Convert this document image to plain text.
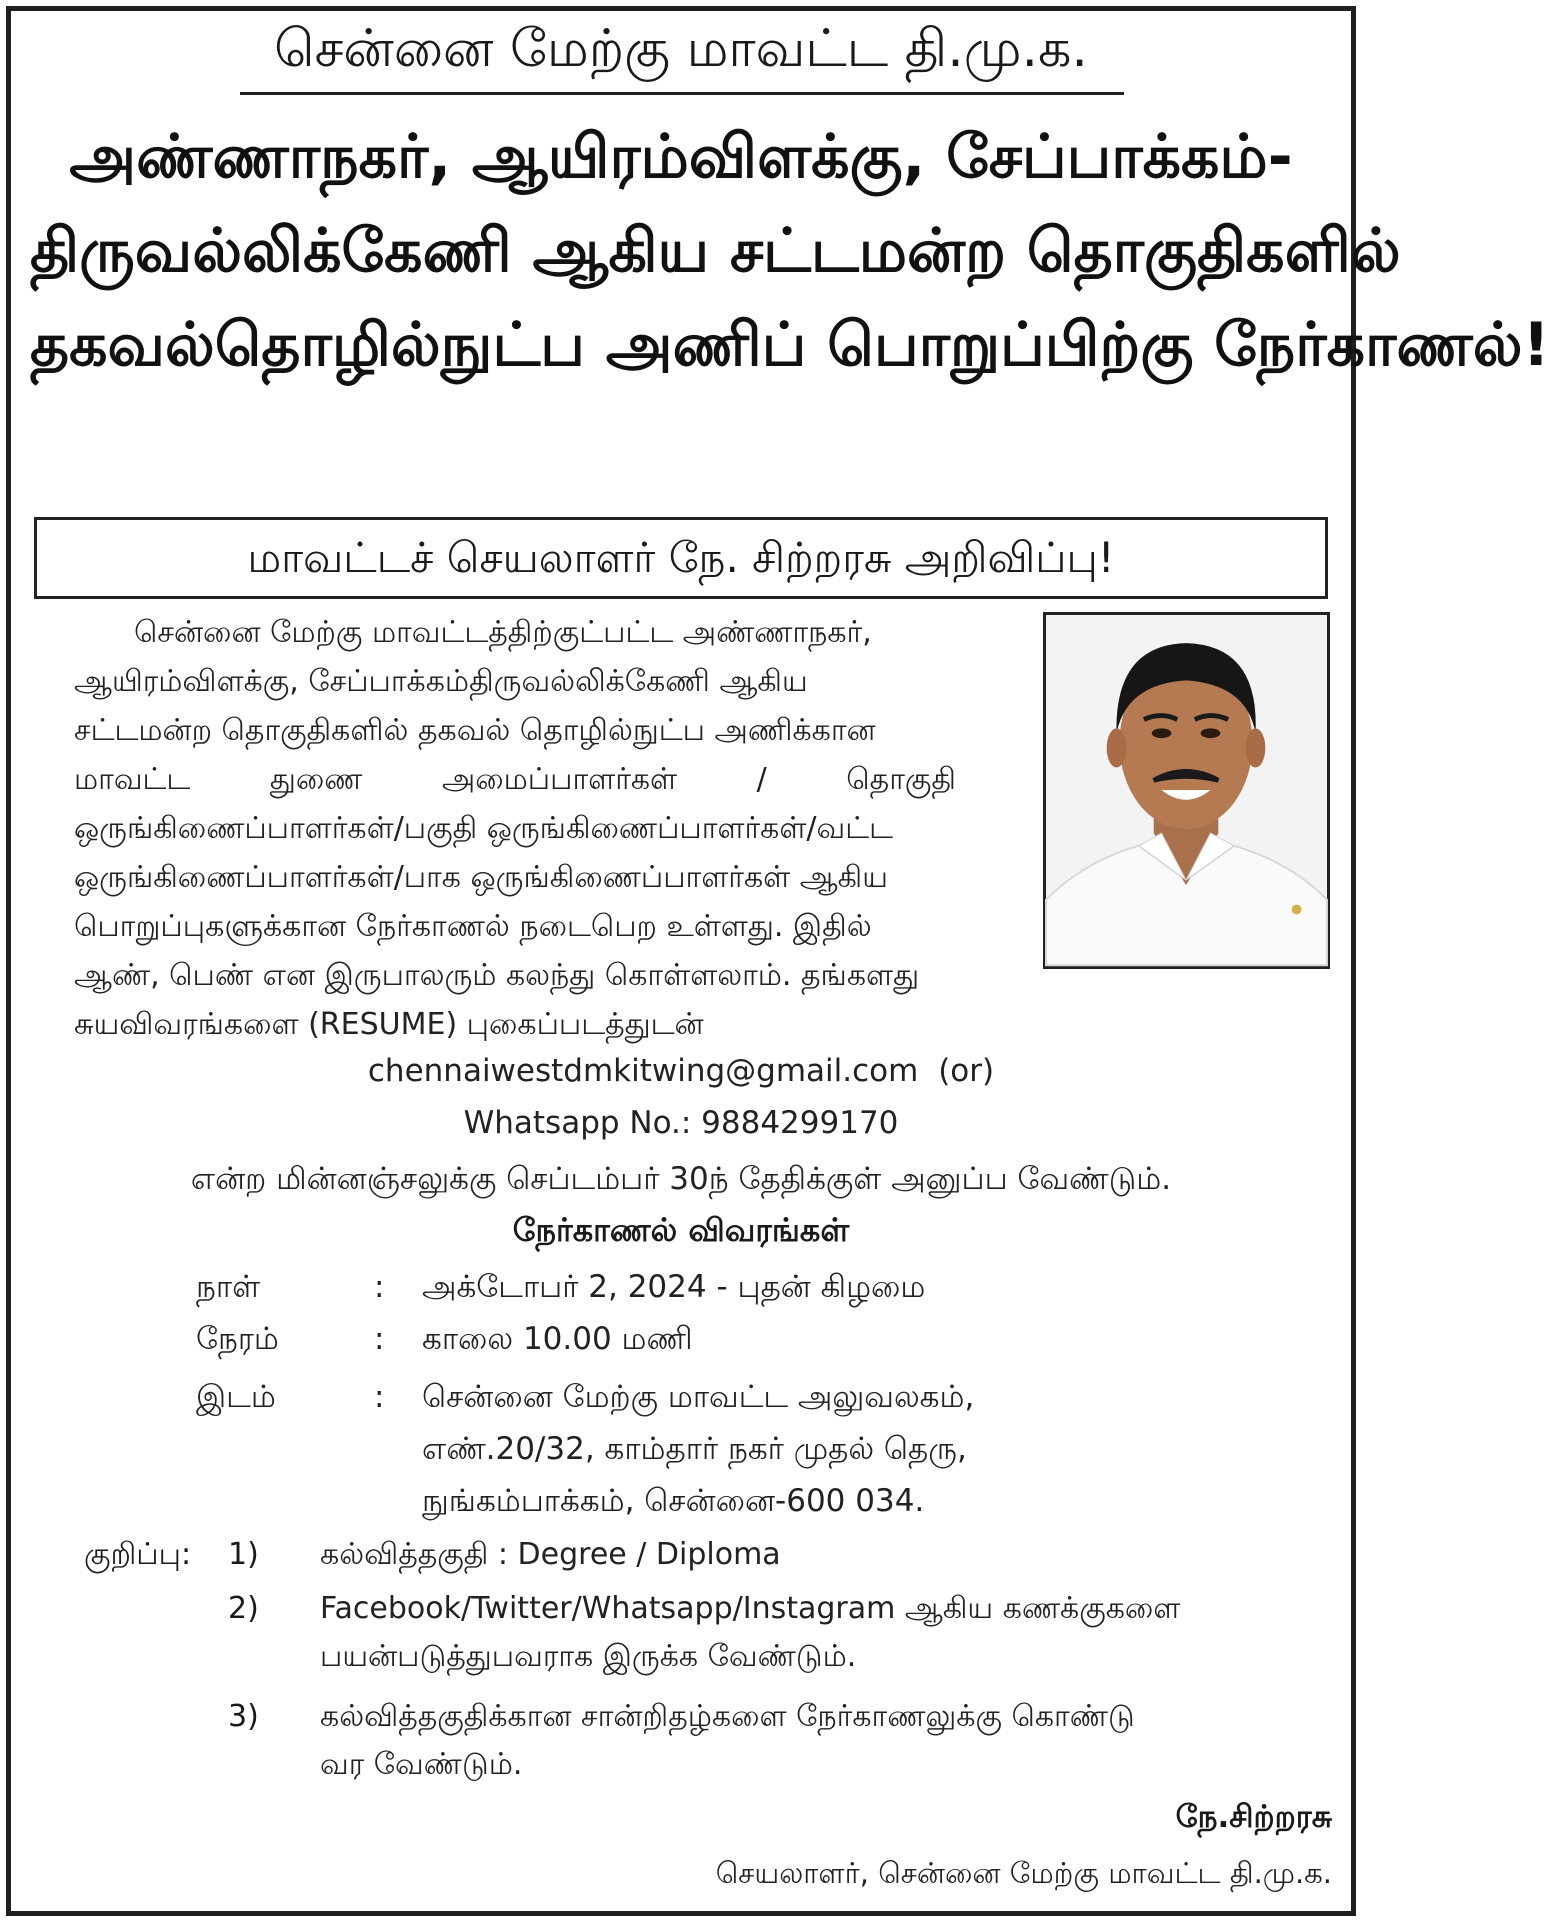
சென்னை மேற்கு மாவட்ட தி.மு.க.
அண்ணாநகர், ஆயிரம்விளக்கு, சேப்பாக்கம்-
திருவல்லிக்கேணி ஆகிய சட்டமன்ற தொகுதிகளில்
தகவல்தொழில்நுட்ப அணிப் பொறுப்பிற்கு நேர்காணல்!
மாவட்டச் செயலாளர் நே. சிற்றரசு அறிவிப்பு!
சென்னை மேற்கு மாவட்டத்திற்குட்பட்ட அண்ணாநகர்,
ஆயிரம்விளக்கு, சேப்பாக்கம்திருவல்லிக்கேணி ஆகிய
சட்டமன்ற தொகுதிகளில் தகவல் தொழில்நுட்ப அணிக்கான
மாவட்ட துணை அமைப்பாளர்கள் / தொகுதி
ஒருங்கிணைப்பாளர்கள்/பகுதி ஒருங்கிணைப்பாளர்கள்/வட்ட
ஒருங்கிணைப்பாளர்கள்/பாக ஒருங்கிணைப்பாளர்கள் ஆகிய
பொறுப்புகளுக்கான நேர்காணல் நடைபெற உள்ளது. இதில்
ஆண், பெண் என இருபாலரும் கலந்து கொள்ளலாம். தங்களது
சுயவிவரங்களை (RESUME) புகைப்படத்துடன்
chennaiwestdmkitwing@gmail.com (or)
Whatsapp No.: 9884299170
என்ற மின்னஞ்சலுக்கு செப்டம்பர் 30ந் தேதிக்குள் அனுப்ப வேண்டும்.
நேர்காணல் விவரங்கள்
நாள்	: அக்டோபர் 2, 2024 - புதன் கிழமை
நேரம்	: காலை 10.00 மணி
இடம்	: சென்னை மேற்கு மாவட்ட அலுவலகம்,
எண்.20/32, காம்தார் நகர் முதல் தெரு,
நுங்கம்பாக்கம், சென்னை-600 034.
குறிப்பு: 1) கல்வித்தகுதி : Degree / Diploma
2) Facebook/Twitter/Whatsapp/Instagram ஆகிய கணக்குகளை
பயன்படுத்துபவராக இருக்க வேண்டும்.
3) கல்வித்தகுதிக்கான சான்றிதழ்களை நேர்காணலுக்கு கொண்டு
வர வேண்டும்.
நே.சிற்றரசு
செயலாளர், சென்னை மேற்கு மாவட்ட தி.மு.க.
